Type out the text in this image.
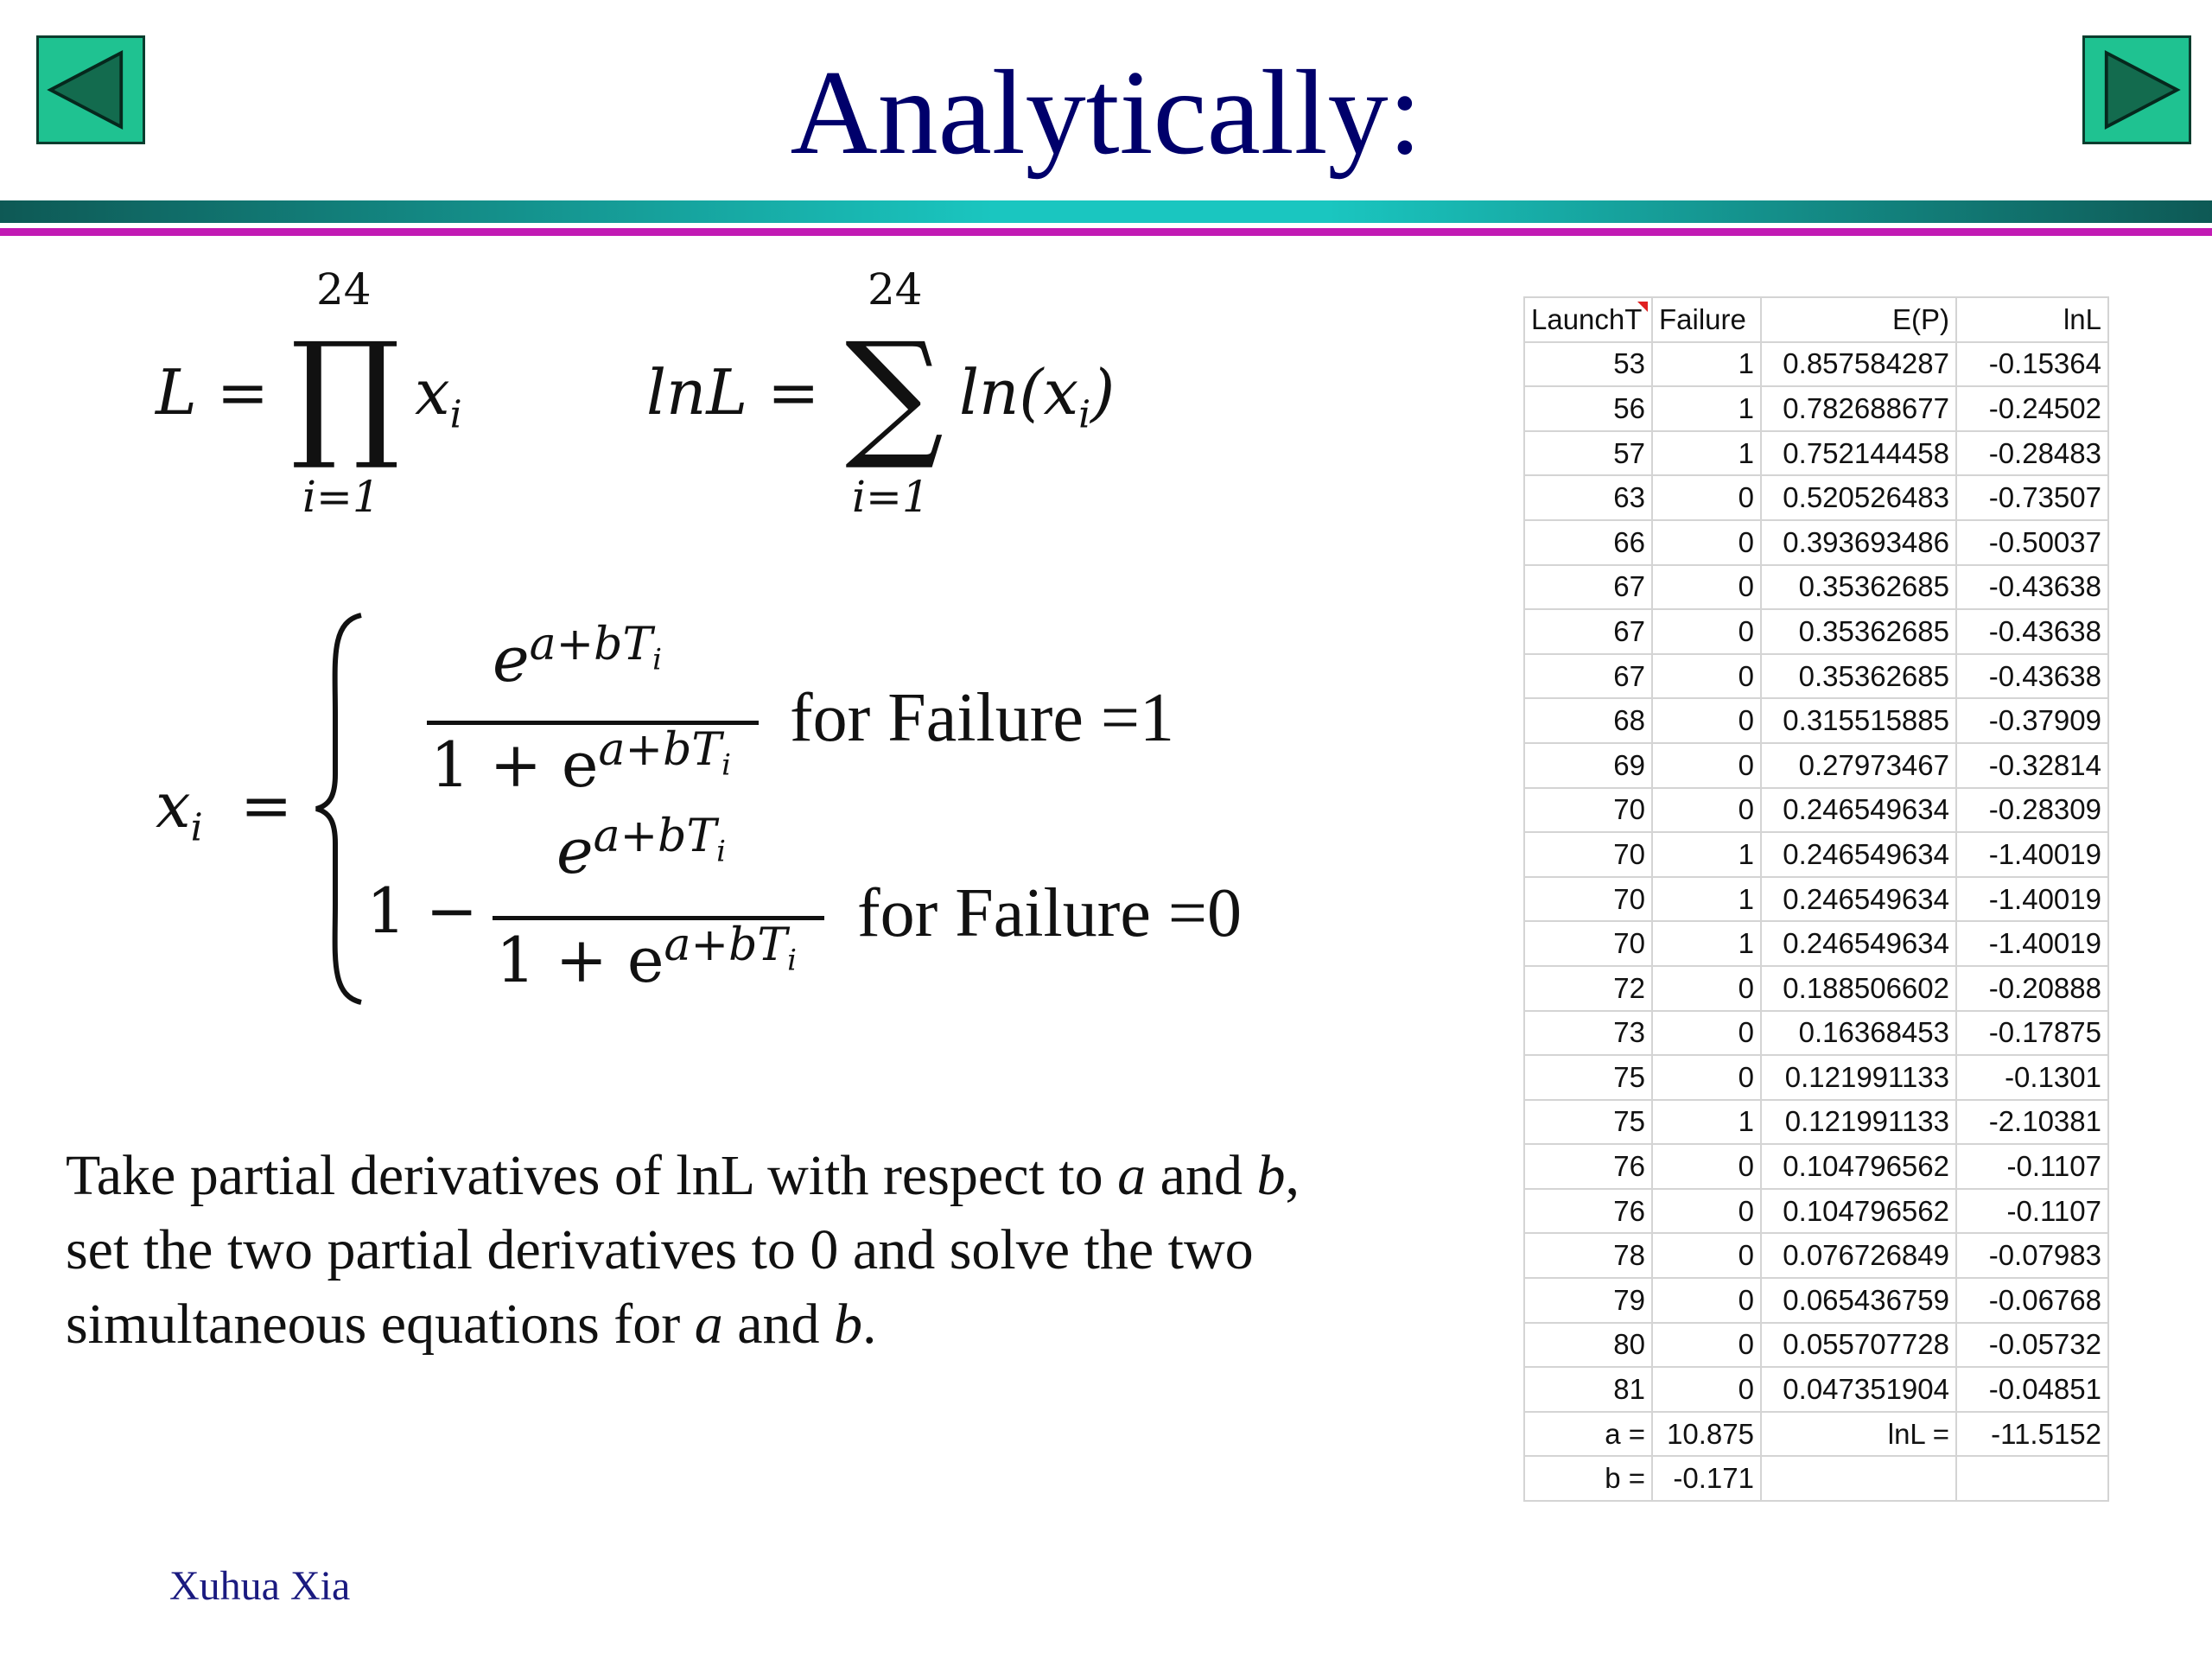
Analytically:
L =
24
∏
i=1
$x_i$	lnL =
24
∑
i=1
$\ln(x_i)$
$x_i$ =
$e^{a+bT_i}$
$1 + e^{a+bT_i}$
for Failure =1
1 −
$e^{a+bT_i}$
$1 + e^{a+bT_i}$
for Failure =0
Take partial derivatives of lnL with respect to a and b,
set the two partial derivatives to 0 and solve the two
simultaneous equations for a and b.
Xuhua Xia
LaunchT	Failure	E(P)	lnL
53	1	0.857584287	-0.15364
56	1	0.782688677	-0.24502
57	1	0.752144458	-0.28483
63	0	0.520526483	-0.73507
66	0	0.393693486	-0.50037
67	0	0.35362685	-0.43638
67	0	0.35362685	-0.43638
67	0	0.35362685	-0.43638
68	0	0.315515885	-0.37909
69	0	0.27973467	-0.32814
70	0	0.246549634	-0.28309
70	1	0.246549634	-1.40019
70	1	0.246549634	-1.40019
70	1	0.246549634	-1.40019
72	0	0.188506602	-0.20888
73	0	0.16368453	-0.17875
75	0	0.121991133	-0.1301
75	1	0.121991133	-2.10381
76	0	0.104796562	-0.1107
76	0	0.104796562	-0.1107
78	0	0.076726849	-0.07983
79	0	0.065436759	-0.06768
80	0	0.055707728	-0.05732
81	0	0.047351904	-0.04851
a =	10.875	lnL =	-11.5152
b =	-0.171		
